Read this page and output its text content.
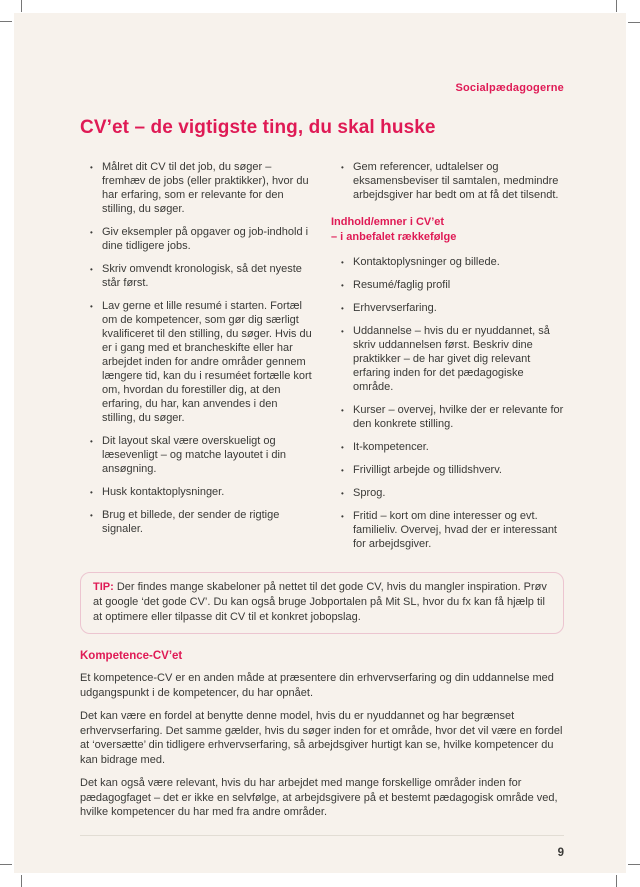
Socialpædagogerne
CV’et – de vigtigste ting, du skal huske
• Målret dit CV til det job, du søger – fremhæv de jobs (eller praktikker), hvor du har erfaring, som er relevante for den stilling, du søger.
• Giv eksempler på opgaver og job-indhold i dine tidligere jobs.
• Skriv omvendt kronologisk, så det nyeste står først.
• Lav gerne et lille resumé i starten. Fortæl om de kompetencer, som gør dig særligt kvalificeret til den stilling, du søger. Hvis du er i gang med et brancheskifte eller har arbejdet inden for andre områder gennem længere tid, kan du i resuméet fortælle kort om, hvordan du forestiller dig, at den erfaring, du har, kan anvendes i den stilling, du søger.
• Dit layout skal være overskueligt og læsevenligt – og matche layoutet i din ansøgning.
• Husk kontaktoplysninger.
• Brug et billede, der sender de rigtige signaler.
• Gem referencer, udtalelser og eksamensbeviser til samtalen, medmindre arbejdsgiver har bedt om at få det tilsendt.
Indhold/emner i CV’et
– i anbefalet rækkefølge
• Kontaktoplysninger og billede.
• Resumé/faglig profil
• Erhvervserfaring.
• Uddannelse – hvis du er nyuddannet, så skriv uddannelsen først. Beskriv dine praktikker – de har givet dig relevant erfaring inden for det pædagogiske område.
• Kurser – overvej, hvilke der er relevante for den konkrete stilling.
• It-kompetencer.
• Frivilligt arbejde og tillidshverv.
• Sprog.
• Fritid – kort om dine interesser og evt. familieliv. Overvej, hvad der er interessant for arbejdsgiver.
TIP: Der findes mange skabeloner på nettet til det gode CV, hvis du mangler inspiration. Prøv at google ‘det gode CV’. Du kan også bruge Jobportalen på Mit SL, hvor du fx kan få hjælp til at optimere eller tilpasse dit CV til et konkret jobopslag.
Kompetence-CV’et

Et kompetence-CV er en anden måde at præsentere din erhvervserfaring og din uddannelse med udgangspunkt i de kompetencer, du har opnået.

Det kan være en fordel at benytte denne model, hvis du er nyuddannet og har begrænset erhvervserfaring. Det samme gælder, hvis du søger inden for et område, hvor det vil være en fordel at ‘oversætte’ din tidligere erhvervserfaring, så arbejdsgiver hurtigt kan se, hvilke kompetencer du kan bidrage med.

Det kan også være relevant, hvis du har arbejdet med mange forskellige områder inden for pædagogfaget – det er ikke en selvfølge, at arbejdsgivere på et bestemt pædagogisk område ved, hvilke kompetencer du har med fra andre områder.

9
